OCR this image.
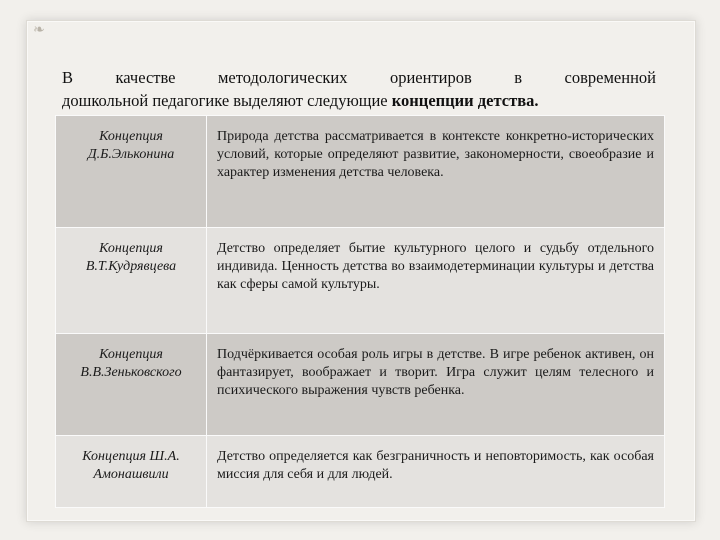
❧
В качестве методологических ориентиров в современной
дошкольной педагогике выделяют следующие концепции детства.
Концепция Д.Б.Эльконина	Природа детства рассматривается в контексте конкретно-исторических условий, которые определяют развитие, закономерности, своеобразие и характер изменения детства человека.
Концепция В.Т.Кудрявцева	Детство определяет бытие культурного целого и судьбу отдельного индивида. Ценность детства во взаимодетерминации культуры и детства как сферы самой культуры.
Концепция В.В.Зеньковского	Подчёркивается особая роль игры в детстве. В игре ребенок активен, он фантазирует, воображает и творит. Игра служит целям телесного и психического выражения чувств ребенка.
Концепция Ш.А. Амонашвили	Детство определяется как безграничность и неповторимость, как особая миссия для себя и для людей.
